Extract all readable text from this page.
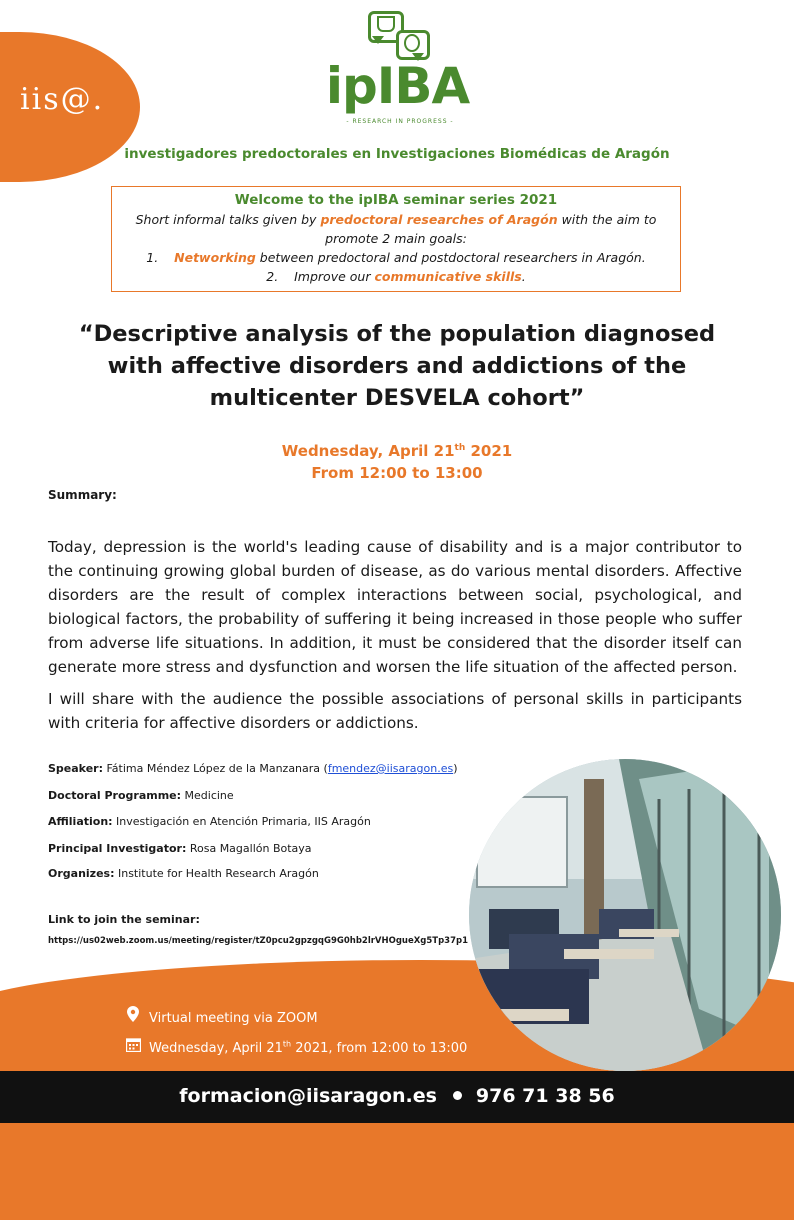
iis@.	ipIBA
- RESEARCH IN PROGRESS -
investigadores predoctorales en Investigaciones Biomédicas de Aragón
Welcome to the ipIBA seminar series 2021
Short informal talks given by predoctoral researches of Aragón with the aim to
promote 2 main goals:
1. Networking between predoctoral and postdoctoral researchers in Aragón.
2. Improve our communicative skills.
“Descriptive analysis of the population diagnosed with affective disorders and addictions of the multicenter DESVELA cohort”
Wednesday, April 21th 2021
From 12:00 to 13:00
Summary:
Today, depression is the world's leading cause of disability and is a major contributor to the continuing growing global burden of disease, as do various mental disorders. Affective disorders are the result of complex interactions between social, psychological, and biological factors, the probability of suffering it being increased in those people who suffer from adverse life situations. In addition, it must be considered that the disorder itself can generate more stress and dysfunction and worsen the life situation of the affected person.
I will share with the audience the possible associations of personal skills in participants with criteria for affective disorders or addictions.
Speaker: Fátima Méndez López de la Manzanara (fmendez@iisaragon.es)
Doctoral Programme: Medicine
Affiliation: Investigación en Atención Primaria, IIS Aragón
Principal Investigator: Rosa Magallón Botaya
Organizes: Institute for Health Research Aragón
Link to join the seminar:
https://us02web.zoom.us/meeting/register/tZ0pcu2gpzgqG9G0hb2lrVHOgueXg5Tp37p1
Virtual meeting via ZOOM
Wednesday, April 21th 2021, from 12:00 to 13:00
formacion@iisaragon.es 976 71 38 56
